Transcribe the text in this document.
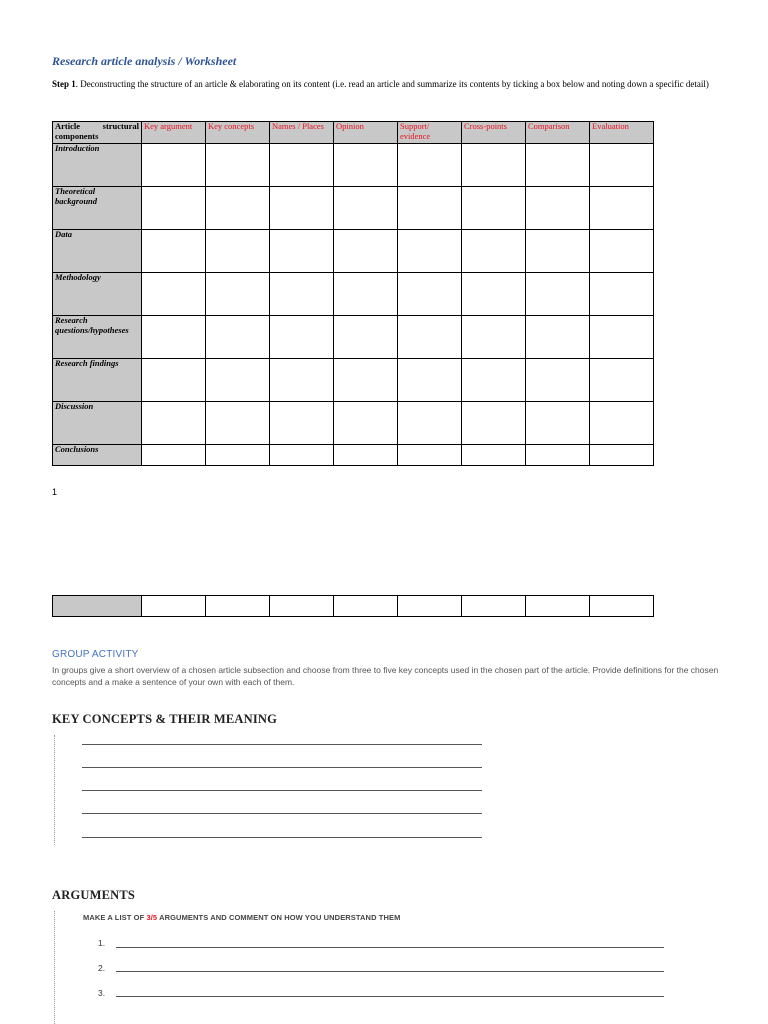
Research article analysis / Worksheet
Step 1. Deconstructing the structure of an article & elaborating on its content (i.e. read an article and summarize its contents by ticking a box below and noting down a specific detail)
Article structural components	Key argument	Key concepts	Names / Places	Opinion	Support/ evidence	Cross-points	Comparison	Evaluation
Introduction								
Theoretical background								
Data								
Methodology								
Research questions/hypotheses								
Research findings								
Discussion								
Conclusions								
1

GROUP ACTIVITY
In groups give a short overview of a chosen article subsection and choose from three to five key concepts used in the chosen part of the article. Provide definitions for the chosen concepts and a make a sentence of your own with each of them.
KEY CONCEPTS & THEIR MEANING
ARGUMENTS
MAKE A LIST OF 3/5 ARGUMENTS AND COMMENT ON HOW YOU UNDERSTAND THEM
1.
2.
3.
